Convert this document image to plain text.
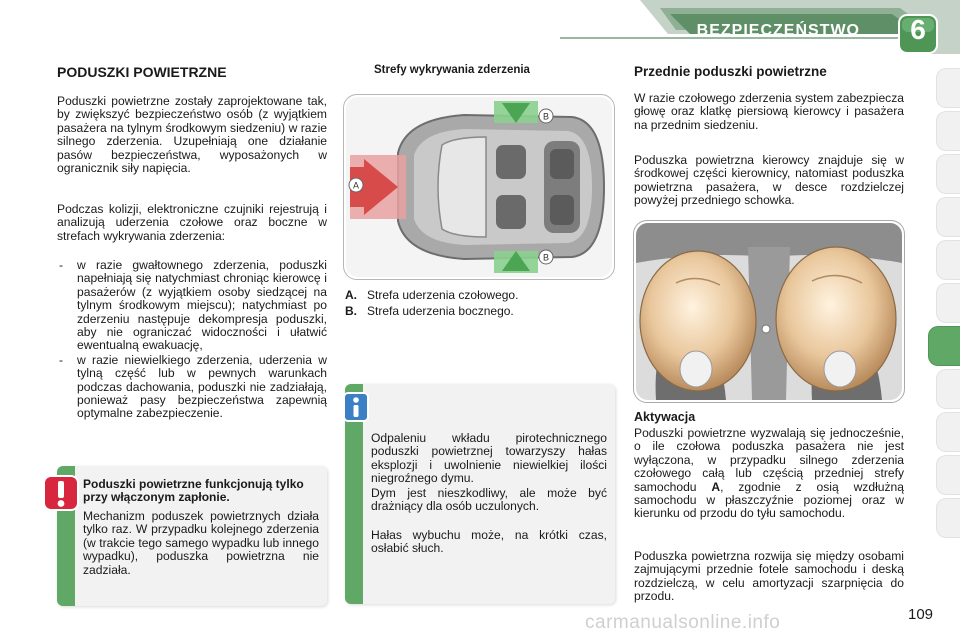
BEZPIECZEŃSTWO	6
PODUSZKI POWIETRZNE
Poduszki powietrzne zostały zaprojektowane tak, by zwiększyć bezpieczeństwo osób (z wyjątkiem pasażera na tylnym środkowym siedzeniu) w razie silnego zderzenia. Uzupełniają one działanie pasów bezpieczeństwa, wyposażonych w ogranicznik siły napięcia.
Podczas kolizji, elektroniczne czujniki rejestrują i analizują uderzenia czołowe oraz boczne w strefach wykrywania zderzenia:
- w razie gwałtownego zderzenia, poduszki napełniają się natychmiast chroniąc kierowcę i pasażerów (z wyjątkiem osoby siedzącej na tylnym środkowym miejscu); natychmiast po zderzeniu następuje dekompresja poduszki, aby nie ograniczać widoczności i ułatwić ewentualną ewakuację,
- w razie niewielkiego zderzenia, uderzenia w tylną część lub w pewnych warunkach podczas dachowania, poduszki nie zadziałają, ponieważ pasy bezpieczeństwa zapewnią optymalne zabezpieczenie.
Poduszki powietrzne funkcjonują tylko przy włączonym zapłonie.
Mechanizm poduszek powietrznych działa tylko raz. W przypadku kolejnego zderzenia (w trakcie tego samego wypadku lub innego wypadku), poduszka powietrzna nie zadziała.
Strefy wykrywania zderzenia
A
B
B
A. Strefa uderzenia czołowego.
B. Strefa uderzenia bocznego.
Odpaleniu wkładu pirotechnicznego poduszki powietrznej towarzyszy hałas eksplozji i uwolnienie niewielkiej ilości niegroźnego dymu.
Dym jest nieszkodliwy, ale może być drażniący dla osób uczulonych.
Hałas wybuchu może, na krótki czas, osłabić słuch.
Przednie poduszki powietrzne
W razie czołowego zderzenia system zabezpiecza głowę oraz klatkę piersiową kierowcy i pasażera na przednim siedzeniu.
Poduszka powietrzna kierowcy znajduje się w środkowej części kierownicy, natomiast poduszka powietrzna pasażera, w desce rozdzielczej powyżej przedniego schowka.
Aktywacja
Poduszki powietrzne wyzwalają się jednocześnie, o ile czołowa poduszka pasażera nie jest wyłączona, w przypadku silnego zderzenia czołowego całą lub częścią przedniej strefy samochodu A, zgodnie z osią wzdłużną samochodu w płaszczyźnie poziomej oraz w kierunku od przodu do tyłu samochodu.
Poduszka powietrzna rozwija się między osobami zajmującymi przednie fotele samochodu i deską rozdzielczą, w celu amortyzacji szarpnięcia do przodu.
carmanualsonline.info	109
